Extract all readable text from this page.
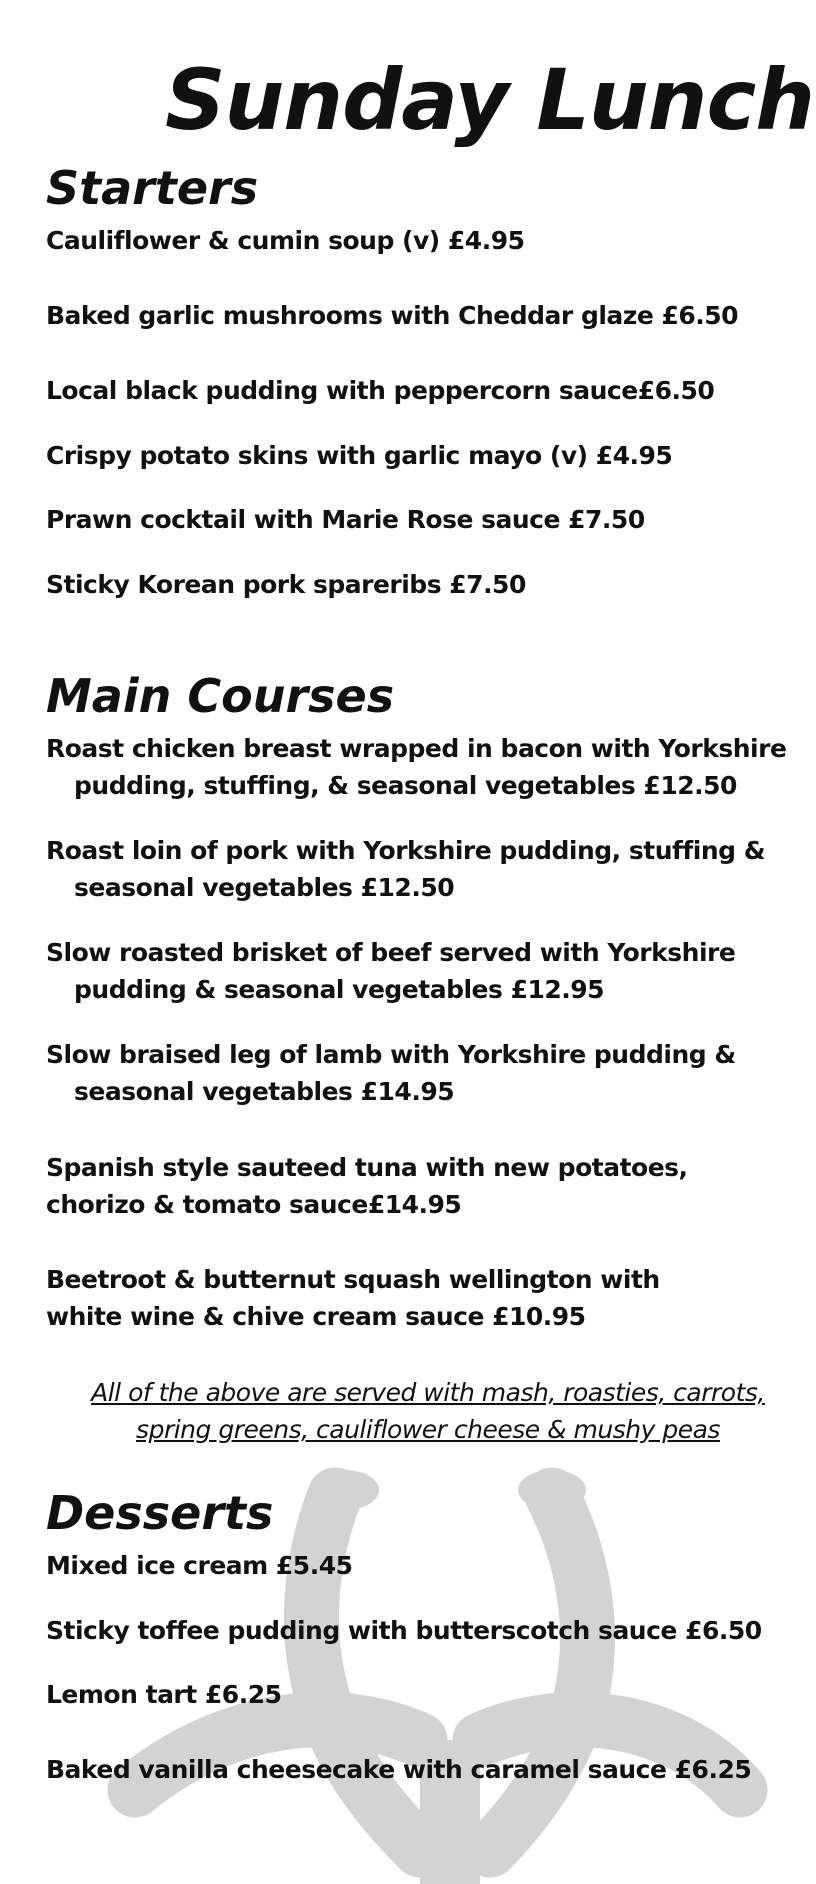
Sunday Lunch
Starters

Cauliflower & cumin soup (v) £4.95

Baked garlic mushrooms with Cheddar glaze £6.50

Local black pudding with peppercorn sauce£6.50

Crispy potato skins with garlic mayo (v) £4.95

Prawn cocktail with Marie Rose sauce £7.50

Sticky Korean pork spareribs £7.50

Main Courses

Roast chicken breast wrapped in bacon with Yorkshire
pudding, stuffing, & seasonal vegetables £12.50

Roast loin of pork with Yorkshire pudding, stuffing &
seasonal vegetables £12.50

Slow roasted brisket of beef served with Yorkshire
pudding & seasonal vegetables £12.95

Slow braised leg of lamb with Yorkshire pudding &
seasonal vegetables £14.95

Spanish style sauteed tuna with new potatoes,
chorizo & tomato sauce£14.95

Beetroot & butternut squash wellington with
white wine & chive cream sauce £10.95

All of the above are served with mash, roasties, carrots,
spring greens, cauliflower cheese & mushy peas

Desserts

Mixed ice cream £5.45

Sticky toffee pudding with butterscotch sauce £6.50

Lemon tart £6.25

Baked vanilla cheesecake with caramel sauce £6.25
